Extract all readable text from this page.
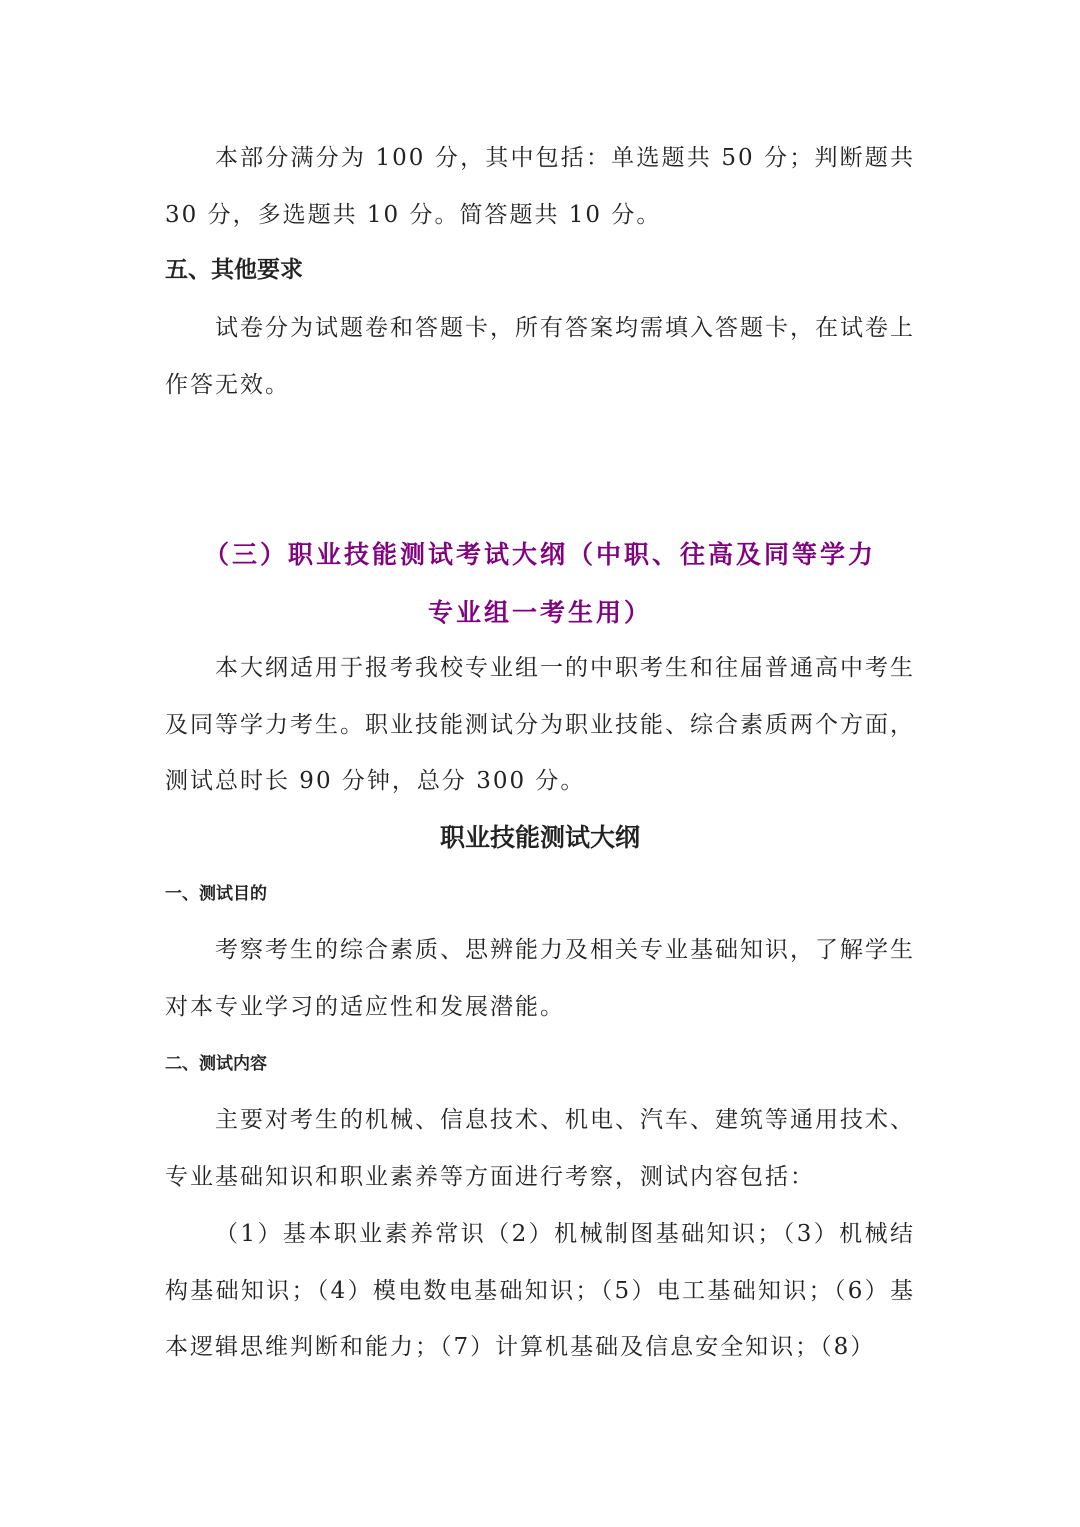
本部分满分为 100 分，其中包括：单选题共 50 分；判断题共 30 分，多选题共 10 分。简答题共 10 分。

五、其他要求

试卷分为试题卷和答题卡，所有答案均需填入答题卡，在试卷上作答无效。

（三）职业技能测试考试大纲（中职、往高及同等学力

专业组一考生用）

本大纲适用于报考我校专业组一的中职考生和往届普通高中考生及同等学力考生。职业技能测试分为职业技能、综合素质两个方面，测试总时长 90 分钟，总分 300 分。

职业技能测试大纲
一、测试目的

考察考生的综合素质、思辨能力及相关专业基础知识，了解学生对本专业学习的适应性和发展潜能。

二、测试内容

主要对考生的机械、信息技术、机电、汽车、建筑等通用技术、专业基础知识和职业素养等方面进行考察，测试内容包括：

（1）基本职业素养常识（2）机械制图基础知识；（3）机械结构基础知识；（4）模电数电基础知识；（5）电工基础知识；（6）基本逻辑思维判断和能力；（7）计算机基础及信息安全知识；（8）
